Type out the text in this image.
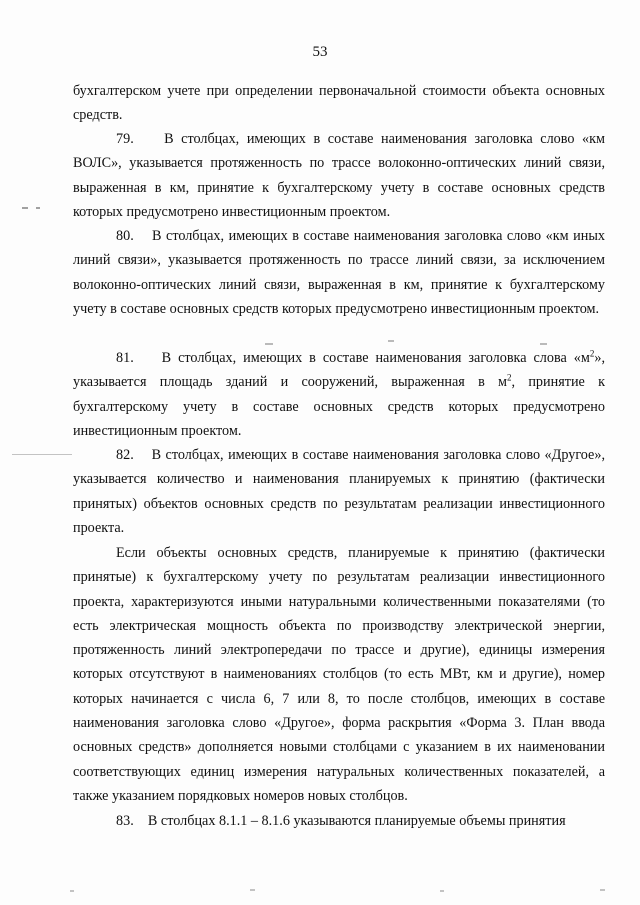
53

бухгалтерском учете при определении первоначальной стоимости объекта основных средств.

79.    В столбцах, имеющих в составе наименования заголовка слово «км ВОЛС», указывается протяженность по трассе волоконно-оптических линий связи, выраженная в км, принятие к бухгалтерскому учету в составе основных средств которых предусмотрено инвестиционным проектом.

80.    В столбцах, имеющих в составе наименования заголовка слово «км иных линий связи», указывается протяженность по трассе линий связи, за исключением волоконно-оптических линий связи, выраженная в км, принятие к бухгалтерскому учету в составе основных средств которых предусмотрено инвестиционным проектом.

81.    В столбцах, имеющих в составе наименования заголовка слова «$м^2$», указывается площадь зданий и сооружений, выраженная в $м^2$, принятие к бухгалтерскому учету в составе основных средств которых предусмотрено инвестиционным проектом.

82.    В столбцах, имеющих в составе наименования заголовка слово «Другое», указывается количество и наименования планируемых к принятию (фактически принятых) объектов основных средств по результатам реализации инвестиционного проекта.

Если объекты основных средств, планируемые к принятию (фактически принятые) к бухгалтерскому учету по результатам реализации инвестиционного проекта, характеризуются иными натуральными количественными показателями (то есть электрическая мощность объекта по производству электрической энергии, протяженность линий электропередачи по трассе и другие), единицы измерения которых отсутствуют в наименованиях столбцов (то есть МВт, км и другие), номер которых начинается с числа 6, 7 или 8, то после столбцов, имеющих в составе наименования заголовка слово «Другое», форма раскрытия «Форма 3. План ввода основных средств» дополняется новыми столбцами с указанием в их наименовании соответствующих единиц измерения натуральных количественных показателей, а также указанием порядковых номеров новых столбцов.

83.    В столбцах 8.1.1 – 8.1.6 указываются планируемые объемы принятия
